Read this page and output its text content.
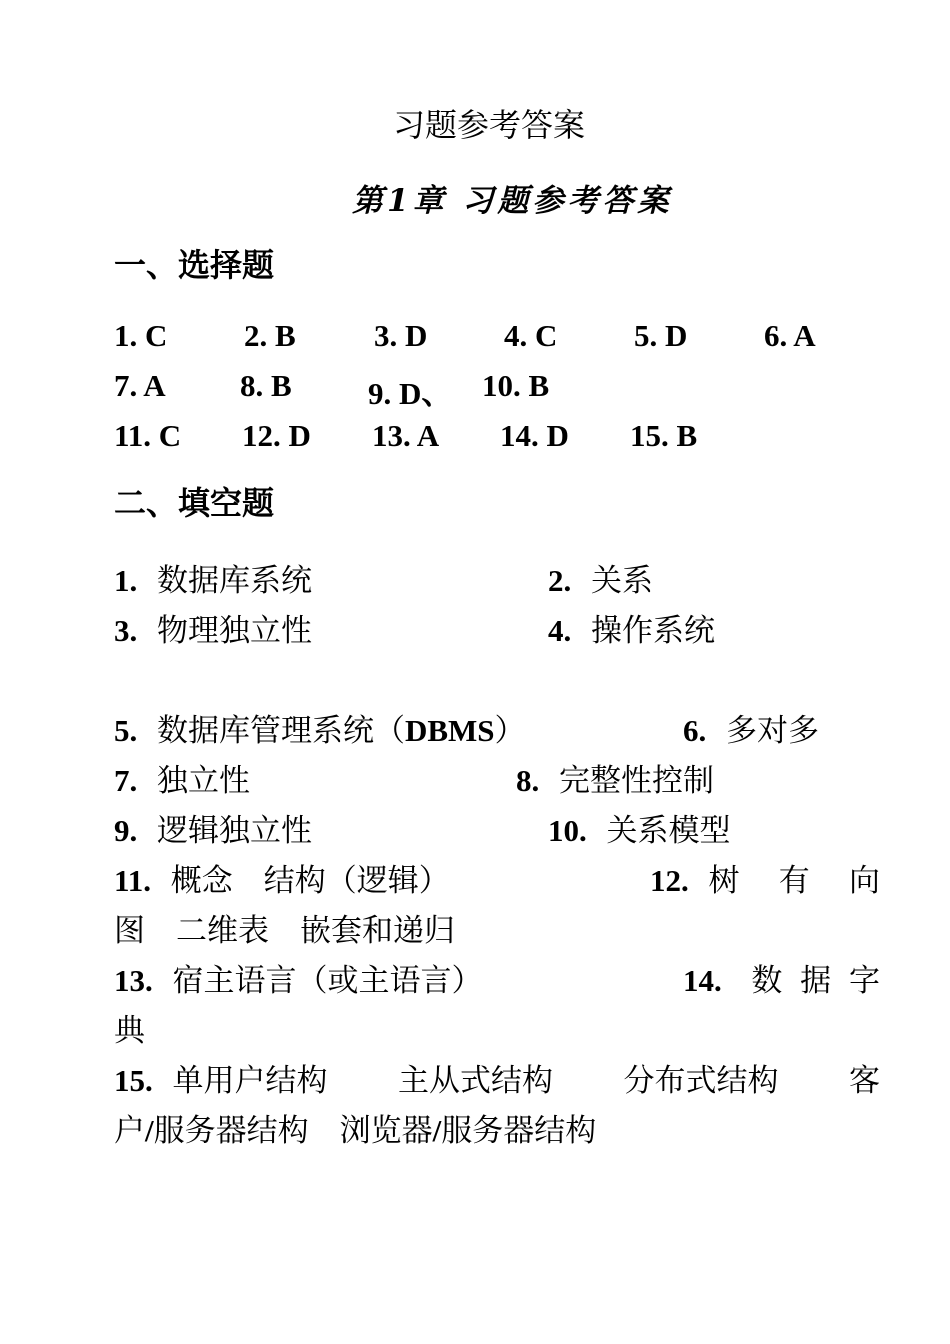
习题参考答案
第1章 习题参考答案
一、选择题
1. C 2. B	3. D 4. C 5. D 6. A
7. A 8. B 9. D、 10. B
11. C 12. D 13. A 14. D 15. B
二、填空题
1. 数据库系统	2. 关系
3. 物理独立性	4. 操作系统
5. 数据库管理系统（DBMS）	6. 多对多
7. 独立性	8. 完整性控制
9. 逻辑独立性	10. 关系模型
11. 概念　结构（逻辑）	12. 树 有 向
图　二维表　嵌套和递归
13. 宿主语言（或主语言）	14. 数 据 字
典
15. 单用户结构 主从式结构 分布式结构 客
户/服务器结构　浏览器/服务器结构
